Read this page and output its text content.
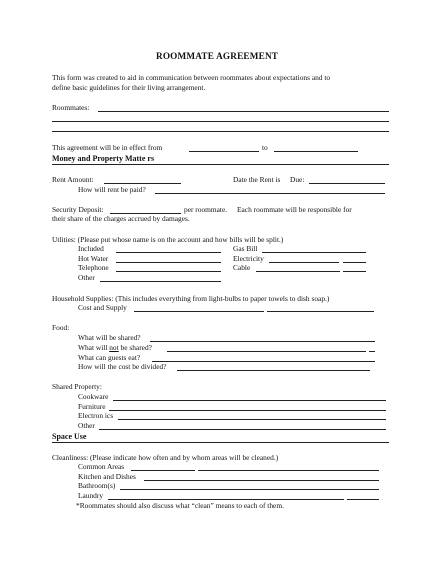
ROOMMATE AGREEMENT
This form was created to aid in communication between roommates about expectations and to
define basic guidelines for their living arrangement.
Roommates:
This agreement will be in effect from	to
Money and Property Matte rs
Rent Amount:	Date the Rent is Due:
How will rent be paid?
Security Deposit:	per roommate. Each roommate will be responsible for
their share of the charges accrued by damages.
Utlities: (Please put whose name is on the account and how bills will be split.)
Included	Gas Bill
Hot Water	Electricity
Telephone	Cable
Other
Household Supplies: (This includes everything from light-bulbs to paper towels to dish soap.)
Cost and Supply
Food:
What will be shared?
What will not be shared?
What can guests eat?
How will the cost be divided?
Shared Property:
Cookware
Furniture
Electron ics
Other
Space Use
Cleanliness: (Please indicate how often and by whom areas will be cleaned.)
Common Areas
Kitchen and Dishes
Bathroom(s)
Laundry
*Roommates should also discuss what “clean” means to each of them.
